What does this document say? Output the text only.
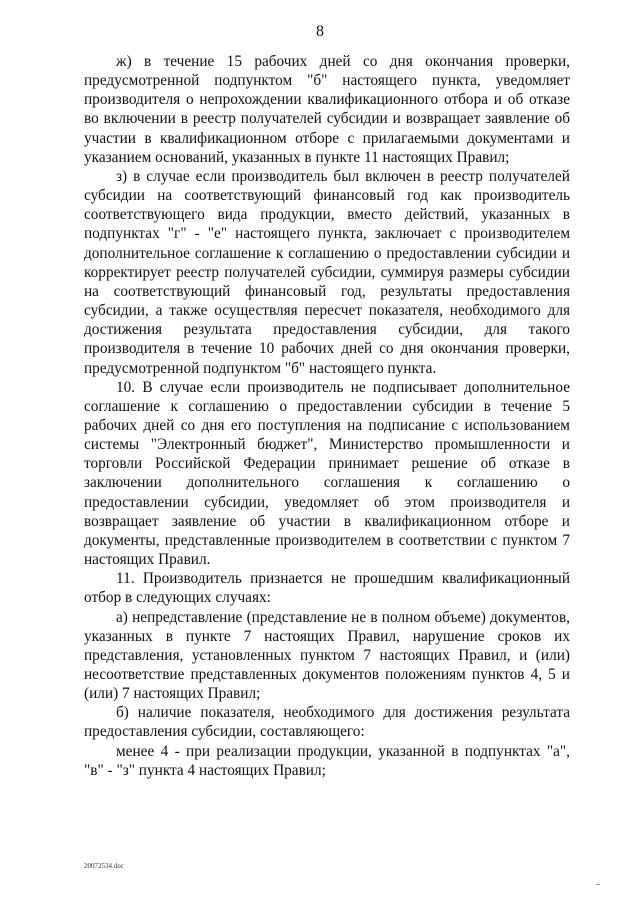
8

ж) в течение 15 рабочих дней со дня окончания проверки, предусмотренной подпунктом "б" настоящего пункта, уведомляет производителя о непрохождении квалификационного отбора и об отказе во включении в реестр получателей субсидии и возвращает заявление об участии в квалификационном отборе с прилагаемыми документами и указанием оснований, указанных в пункте 11 настоящих Правил;

з) в случае если производитель был включен в реестр получателей субсидии на соответствующий финансовый год как производитель соответствующего вида продукции, вместо действий, указанных в подпунктах "г" - "е" настоящего пункта, заключает с производителем дополнительное соглашение к соглашению о предоставлении субсидии и корректирует реестр получателей субсидии, суммируя размеры субсидии на соответствующий финансовый год, результаты предоставления субсидии, а также осуществляя пересчет показателя, необходимого для достижения результата предоставления субсидии, для такого производителя в течение 10 рабочих дней со дня окончания проверки, предусмотренной подпунктом "б" настоящего пункта.

10. В случае если производитель не подписывает дополнительное соглашение к соглашению о предоставлении субсидии в течение 5 рабочих дней со дня его поступления на подписание с использованием системы "Электронный бюджет", Министерство промышленности и торговли Российской Федерации принимает решение об отказе в заключении дополнительного соглашения к соглашению о предоставлении субсидии, уведомляет об этом производителя и возвращает заявление об участии в квалификационном отборе и документы, представленные производителем в соответствии с пунктом 7 настоящих Правил.

11. Производитель признается не прошедшим квалификационный отбор в следующих случаях:

а) непредставление (представление не в полном объеме) документов, указанных в пункте 7 настоящих Правил, нарушение сроков их представления, установленных пунктом 7 настоящих Правил, и (или) несоответствие представленных документов положениям пунктов 4, 5 и (или) 7 настоящих Правил;

б) наличие показателя, необходимого для достижения результата предоставления субсидии, составляющего:

менее 4 - при реализации продукции, указанной в подпунктах "а", "в" - "з" пункта 4 настоящих Правил;

20072534.doc
